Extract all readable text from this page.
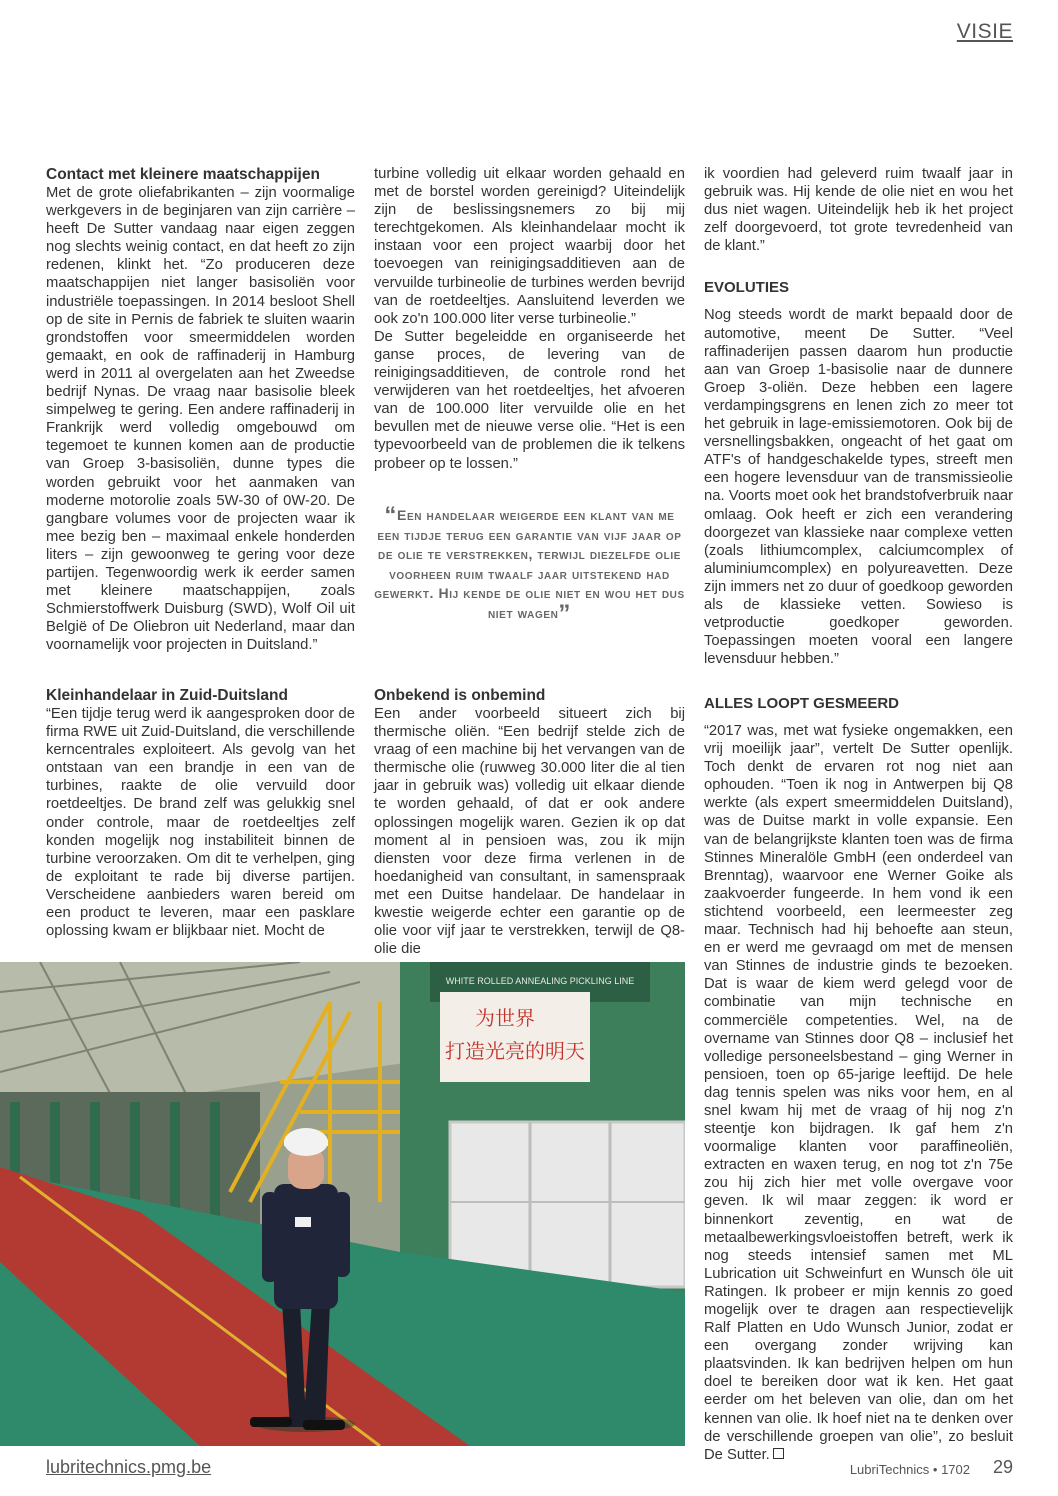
VISIE
Contact met kleinere maatschappijen

Met de grote oliefabrikanten – zijn voormalige werkgevers in de beginjaren van zijn carrière – heeft De Sutter vandaag naar eigen zeggen nog slechts weinig contact, en dat heeft zo zijn redenen, klinkt het. “Zo produceren deze maatschappijen niet langer basisoliën voor industriële toepassingen. In 2014 besloot Shell op de site in Pernis de fabriek te sluiten waarin grondstoffen voor smeermiddelen worden gemaakt, en ook de raffinaderij in Hamburg werd in 2011 al overgelaten aan het Zweedse bedrijf Nynas. De vraag naar basisolie bleek simpelweg te gering. Een andere raffinaderij in Frankrijk werd volledig omgebouwd om tegemoet te kunnen komen aan de productie van Groep 3-basisoliën, dunne types die worden gebruikt voor het aanmaken van moderne motorolie zoals 5W-30 of 0W-20. De gangbare volumes voor de projecten waar ik mee bezig ben – maximaal enkele honderden liters – zijn gewoonweg te gering voor deze partijen. Tegenwoordig werk ik eerder samen met kleinere maatschappijen, zoals Schmierstoffwerk Duisburg (SWD), Wolf Oil uit België of De Oliebron uit Nederland, maar dan voornamelijk voor projecten in Duitsland.”

Kleinhandelaar in Zuid-Duitsland

“Een tijdje terug werd ik aangesproken door de firma RWE uit Zuid-Duitsland, die verschillende kerncentrales exploiteert. Als gevolg van het ontstaan van een brandje in een van de turbines, raakte de olie vervuild door roetdeeltjes. De brand zelf was gelukkig snel onder controle, maar de roetdeeltjes zelf konden mogelijk nog instabiliteit binnen de turbine veroorzaken. Om dit te verhelpen, ging de exploitant te rade bij diverse partijen. Verscheidene aanbieders waren bereid om een product te leveren, maar een pasklare oplossing kwam er blijkbaar niet. Mocht de

turbine volledig uit elkaar worden gehaald en met de borstel worden gereinigd? Uiteindelijk zijn de beslissingsnemers zo bij mij terechtgekomen. Als kleinhandelaar mocht ik instaan voor een project waarbij door het toevoegen van reinigingsadditieven aan de vervuilde turbineolie de turbines werden bevrijd van de roetdeeltjes. Aansluitend leverden we ook zo'n 100.000 liter verse turbineolie.”

De Sutter begeleidde en organiseerde het ganse proces, de levering van de reinigingsadditieven, de controle rond het verwijderen van het roetdeeltjes, het afvoeren van de 100.000 liter vervuilde olie en het bevullen met de nieuwe verse olie. “Het is een typevoorbeeld van de problemen die ik telkens probeer op te lossen.”

“Een handelaar weigerde een klant van me een tijdje terug een garantie van vijf jaar op de olie te verstrekken, terwijl diezelfde olie voorheen ruim twaalf jaar uitstekend had gewerkt. Hij kende de olie niet en wou het dus niet wagen”
Onbekend is onbemind

Een ander voorbeeld situeert zich bij thermische oliën. “Een bedrijf stelde zich de vraag of een machine bij het vervangen van de thermische olie (ruwweg 30.000 liter die al tien jaar in gebruik was) volledig uit elkaar diende te worden gehaald, of dat er ook andere oplossingen mogelijk waren. Gezien ik op dat moment al in pensioen was, zou ik mijn diensten voor deze firma verlenen in de hoedanigheid van consultant, in samenspraak met een Duitse handelaar. De handelaar in kwestie weigerde echter een garantie op de olie voor vijf jaar te verstrekken, terwijl de Q8-olie die

ik voordien had geleverd ruim twaalf jaar in gebruik was. Hij kende de olie niet en wou het dus niet wagen. Uiteindelijk heb ik het project zelf doorgevoerd, tot grote tevredenheid van de klant.”

EVOLUTIES

Nog steeds wordt de markt bepaald door de automotive, meent De Sutter. “Veel raffinaderijen passen daarom hun productie aan van Groep 1-basisolie naar de dunnere Groep 3-oliën. Deze hebben een lagere verdampingsgrens en lenen zich zo meer tot het gebruik in lage-emissiemotoren. Ook bij de versnellingsbakken, ongeacht of het gaat om ATF's of handgeschakelde types, streeft men een hogere levensduur van de transmissieolie na. Voorts moet ook het brandstofverbruik naar omlaag. Ook heeft er zich een verandering doorgezet van klassieke naar complexe vetten (zoals lithiumcomplex, calciumcomplex of aluminiumcomplex) en polyureavetten. Deze zijn immers net zo duur of goedkoop geworden als de klassieke vetten. Sowieso is vetproductie goedkoper geworden. Toepassingen moeten vooral een langere levensduur hebben.”

ALLES LOOPT GESMEERD

“2017 was, met wat fysieke ongemakken, een vrij moeilijk jaar”, vertelt De Sutter openlijk. Toch denkt de ervaren rot nog niet aan ophouden. “Toen ik nog in Antwerpen bij Q8 werkte (als expert smeermiddelen Duitsland), was de Duitse markt in volle expansie. Een van de belangrijkste klanten toen was de firma Stinnes Mineralöle GmbH (een onderdeel van Brenntag), waarvoor ene Werner Goike als zaakvoerder fungeerde. In hem vond ik een stichtend voorbeeld, een leermeester zeg maar. Technisch had hij behoefte aan steun, en er werd me gevraagd om met de mensen van Stinnes de industrie ginds te bezoeken. Dat is waar de kiem werd gelegd voor de combinatie van mijn technische en commerciële competenties. Wel, na de overname van Stinnes door Q8 – inclusief het volledige personeelsbestand – ging Werner in pensioen, toen op 65-jarige leeftijd. De hele dag tennis spelen was niks voor hem, en al snel kwam hij met de vraag of hij nog z'n steentje kon bijdragen. Ik gaf hem z'n voormalige klanten voor paraffineoliën, extracten en waxen terug, en nog tot z'n 75e zou hij zich hier met volle overgave voor geven. Ik wil maar zeggen: ik word er binnenkort zeventig, en wat de metaalbewerkingsvloeistoffen betreft, werk ik nog steeds intensief samen met ML Lubrication uit Schweinfurt en Wunsch öle uit Ratingen. Ik probeer er mijn kennis zo goed mogelijk over te dragen aan respectievelijk Ralf Platten en Udo Wunsch Junior, zodat er een overgang zonder wrijving kan plaatsvinden. Ik kan bedrijven helpen om hun doel te bereiken door wat ik ken. Het gaat eerder om het beleven van olie, dan om het kennen van olie. Ik hoef niet na te denken over de verschillende groepen van olie”, zo besluit De Sutter.

WHITE ROLLED ANNEALING PICKLING LINE
为世界
打造光亮的明天
lubritechnics.pmg.be	LubriTechnics • 1702 29
